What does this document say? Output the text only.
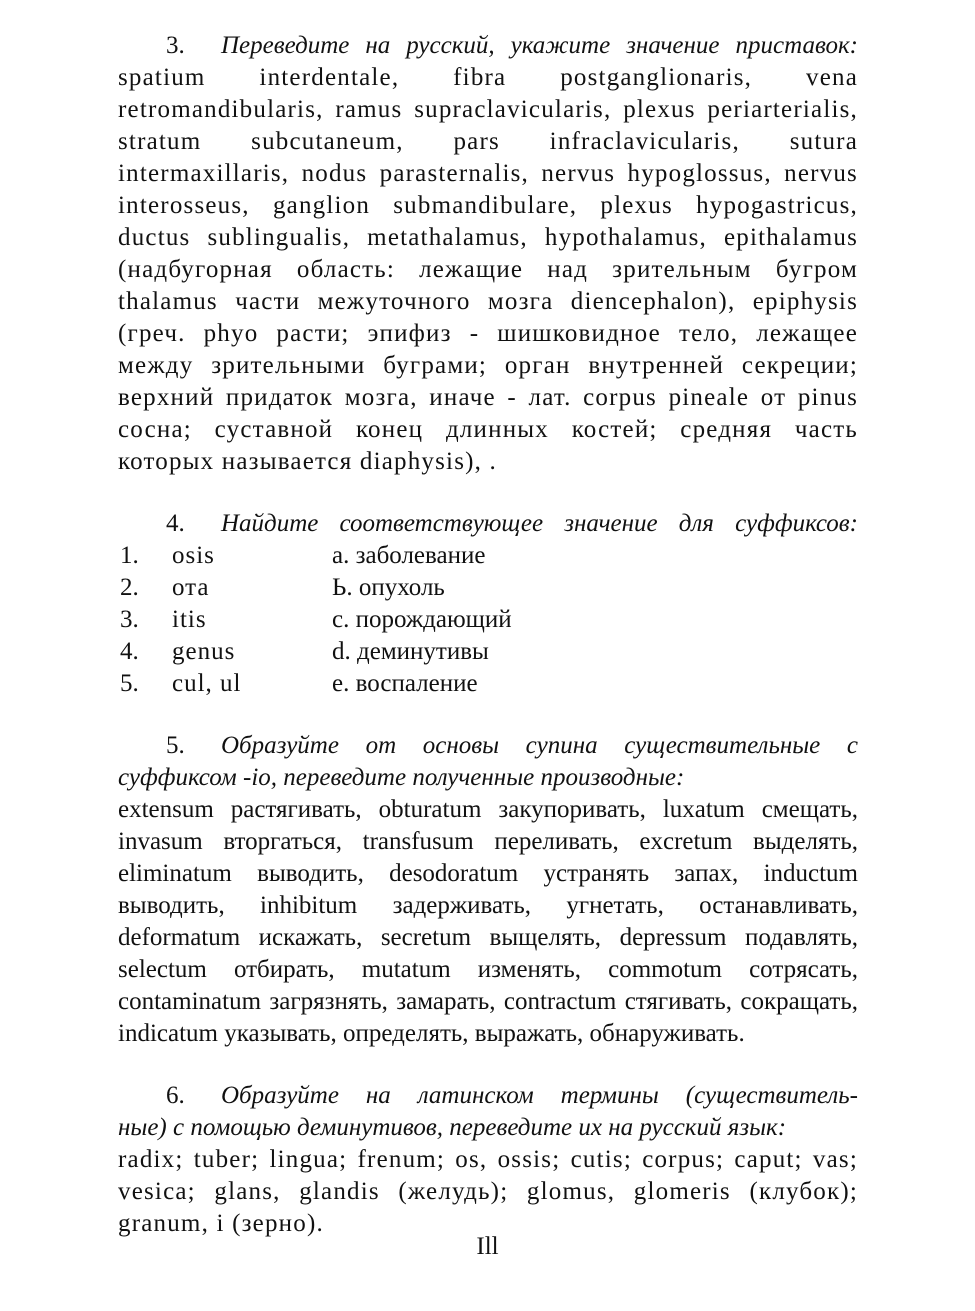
3. Переведите на русский, укажите значение приставок:

spatium interdentale, fibra postganglionaris, vena retromandibularis, ramus supraclavicularis, plexus periarterialis, stratum subcutaneum, pars infraclavicularis, sutura intermaxillaris, nodus parasternalis, nervus hypoglossus, nervus interosseus, ganglion submandibulare, plexus hypogastricus, ductus sublingualis, metathalamus, hypothalamus, epithalamus (надбугорная область: лежащие над зрительным бугром thalamus части межуточного мозга diencephalon), epiphysis (греч. phyo расти; эпифиз - шишковидное тело, лежащее между зрительными буграми; орган внутренней секреции; верхний придаток мозга, иначе - лат. corpus pineale от pinus сосна; суставной конец длинных костей; средняя часть которых называется diaphysis), .

4. Найдите соответствующее значение для суффиксов:
1.	osis	а. заболевание
2.	ота	Ь. опухоль
3.	itis	с. порождающий
4.	genus	d. деминутивы
5.	cul, ul	е. воспаление
5. Образуйте от основы супина существительные с
суффиксом -io, переведите полученные производные:

extensum растягивать, obturatum закупоривать, luxatum смещать, invasum вторгаться, transfusum переливать, excretum выделять, eliminatum выводить, desodoratum устранять запах, inductum выводить, inhibitum задерживать, угнетать, останавливать, deformatum искажать, secretum выщелять, depressum подавлять, selectum отбирать, mutatum изменять, commotum сотрясать, contaminatum загрязнять, замарать, contractum стягивать, сокращать, indicatum указывать, определять, выражать, обнаруживать.

6. Образуйте на латинском термины (существитель-
ные) с помощью деминутивов, переведите их на русский язык:

radix; tuber; lingua; frenum; os, ossis; cutis; corpus; caput; vas; vesica; glans, glandis (желудь); glomus, glomeris (клубок); granum, i (зерно).

Ill
